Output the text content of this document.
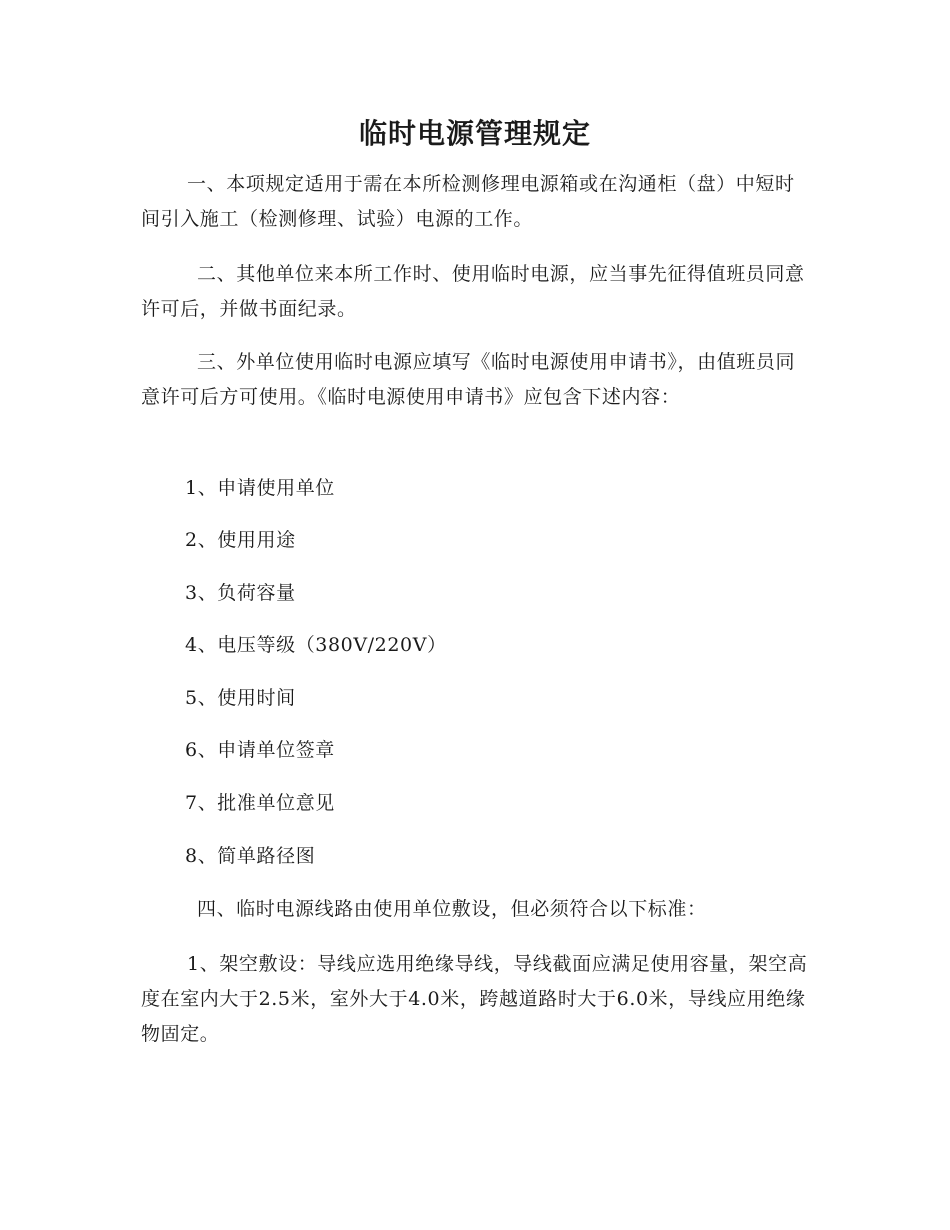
临时电源管理规定

一、本项规定适用于需在本所检测修理电源箱或在沟通柜（盘）中短时间引入施工（检测修理、试验）电源的工作。

二、其他单位来本所工作时、使用临时电源，应当事先征得值班员同意许可后，并做书面纪录。

三、外单位使用临时电源应填写《临时电源使用申请书》，由值班员同意许可后方可使用。《临时电源使用申请书》应包含下述内容：

1、申请使用单位

2、使用用途

3、负荷容量

4、电压等级（380V/220V）

5、使用时间

6、申请单位签章

7、批准单位意见

8、简单路径图

四、临时电源线路由使用单位敷设，但必须符合以下标准：

1、架空敷设：导线应选用绝缘导线，导线截面应满足使用容量，架空高度在室内大于2.5米，室外大于4.0米，跨越道路时大于6.0米，导线应用绝缘物固定。
